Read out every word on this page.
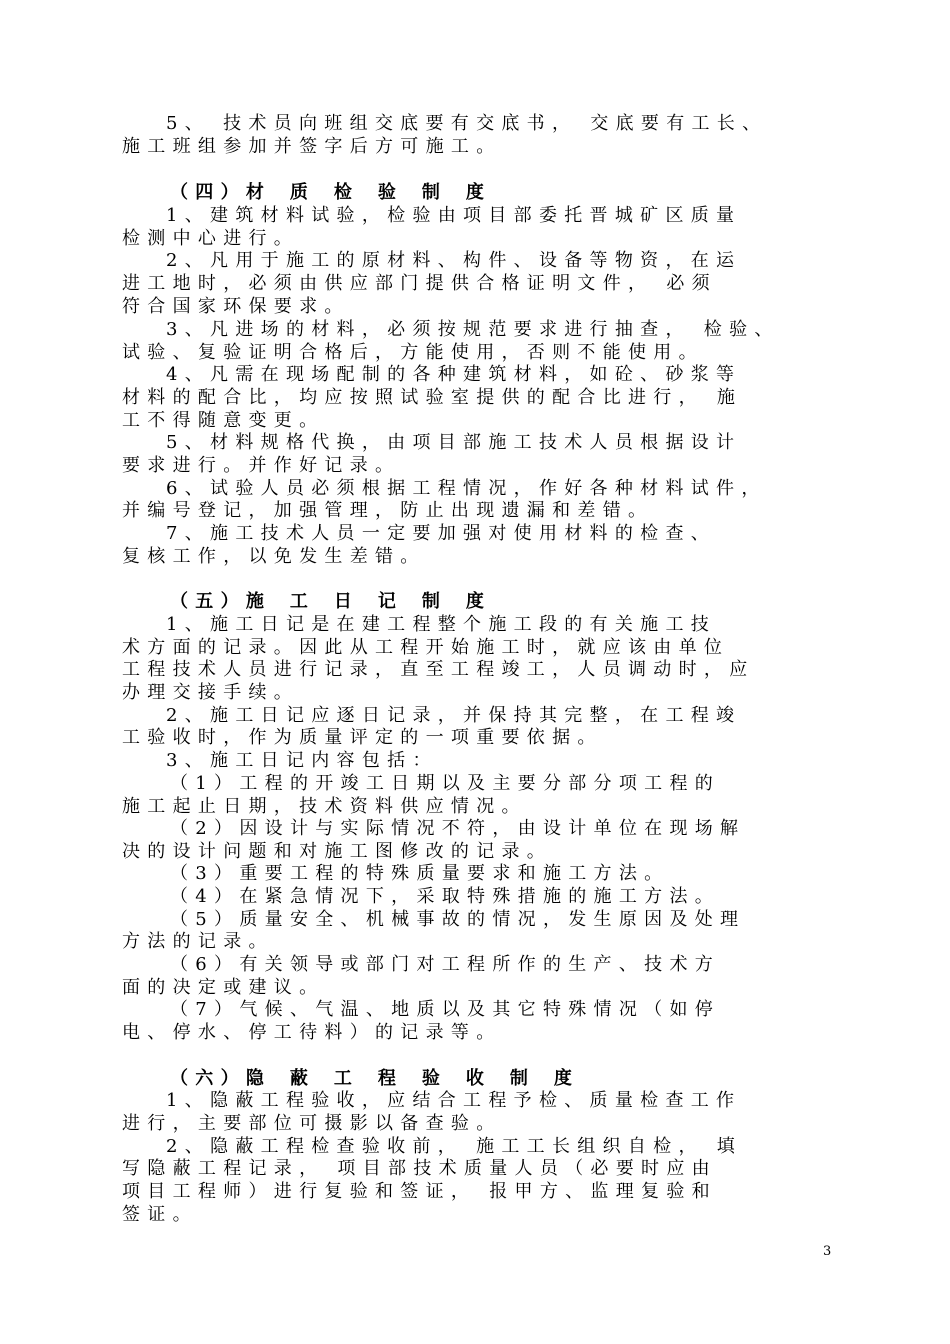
5、 技术员向班组交底要有交底书， 交底要有工长、
施工班组参加并签字后方可施工。
（四）材质检验制度
1、建筑材料试验，检验由项目部委托晋城矿区质量
检测中心进行。
2、凡用于施工的原材料、构件、设备等物资，在运
进工地时，必须由供应部门提供合格证明文件， 必须
符合国家环保要求。
3、凡进场的材料，必须按规范要求进行抽查， 检验、
试验、复验证明合格后，方能使用，否则不能使用。
4、凡需在现场配制的各种建筑材料，如砼、砂浆等
材料的配合比，均应按照试验室提供的配合比进行， 施
工不得随意变更。
5、材料规格代换，由项目部施工技术人员根据设计
要求进行。并作好记录。
6、试验人员必须根据工程情况，作好各种材料试件，
并编号登记，加强管理，防止出现遗漏和差错。
7、施工技术人员一定要加强对使用材料的检查、
复核工作，以免发生差错。
（五）施工日记制度
1、施工日记是在建工程整个施工段的有关施工技
术方面的记录。因此从工程开始施工时，就应该由单位
工程技术人员进行记录，直至工程竣工，人员调动时，应
办理交接手续。
2、施工日记应逐日记录，并保持其完整，在工程竣
工验收时，作为质量评定的一项重要依据。
3、施工日记内容包括：
（1）工程的开竣工日期以及主要分部分项工程的
施工起止日期，技术资料供应情况。
（2）因设计与实际情况不符，由设计单位在现场解
决的设计问题和对施工图修改的记录。
（3）重要工程的特殊质量要求和施工方法。
（4）在紧急情况下，采取特殊措施的施工方法。
（5）质量安全、机械事故的情况，发生原因及处理
方法的记录。
（6）有关领导或部门对工程所作的生产、技术方
面的决定或建议。
（7）气候、气温、地质以及其它特殊情况（如停
电、停水、停工待料）的记录等。
（六）隐蔽工程验收制度
1、隐蔽工程验收，应结合工程予检、质量检查工作
进行，主要部位可摄影以备查验。
2、隐蔽工程检查验收前， 施工工长组织自检， 填
写隐蔽工程记录， 项目部技术质量人员（必要时应由
项目工程师）进行复验和签证， 报甲方、监理复验和
签证。
3
